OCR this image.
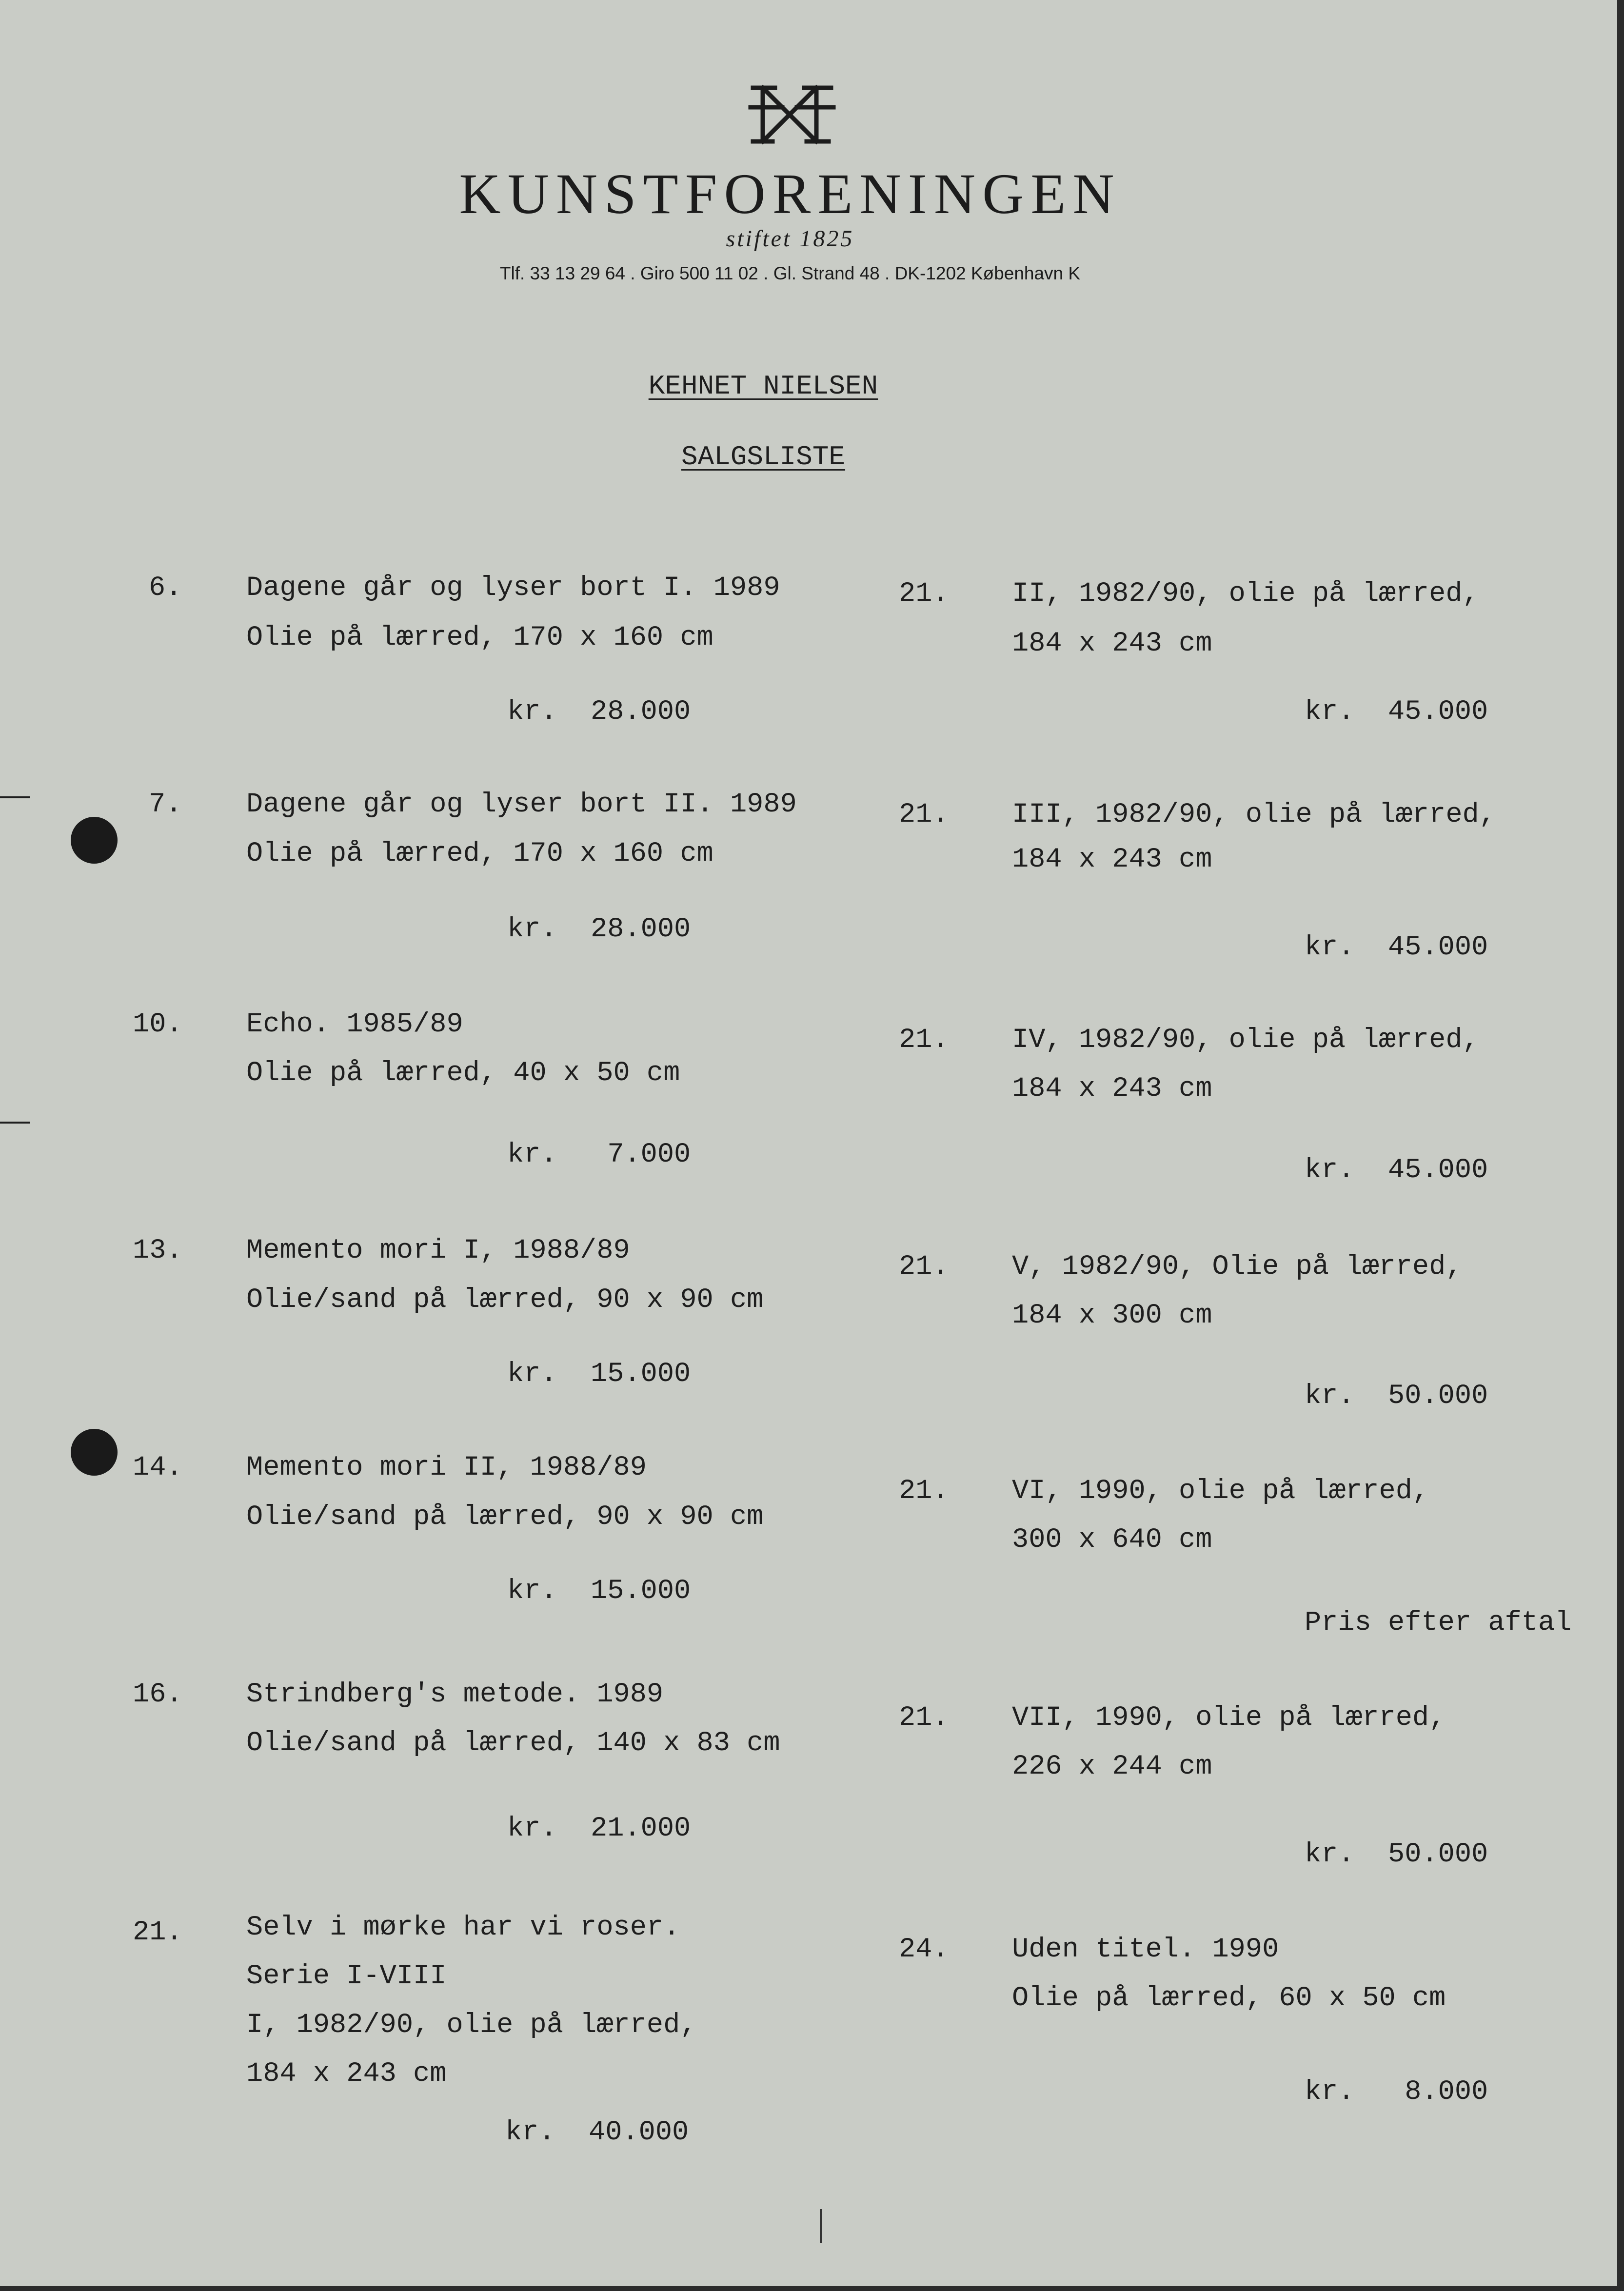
KUNSTFORENINGEN
stiftet 1825
Tlf. 33 13 29 64 . Giro 500 11 02 . Gl. Strand 48 . DK-1202 København K
KEHNET NIELSEN
SALGSLISTE
6.	Dagene går og lyser bort I. 1989
Olie på lærred, 170 x 160 cm
kr.  28.000
7.	Dagene går og lyser bort II. 1989
Olie på lærred, 170 x 160 cm
kr.  28.000
10.	Echo. 1985/89
Olie på lærred, 40 x 50 cm
kr.   7.000
13.	Memento mori I, 1988/89
Olie/sand på lærred, 90 x 90 cm
kr.  15.000
14.	Memento mori II, 1988/89
Olie/sand på lærred, 90 x 90 cm
kr.  15.000
16.	Strindberg's metode. 1989
Olie/sand på lærred, 140 x 83 cm
kr.  21.000
21.	Selv i mørke har vi roser.
Serie I-VIII
I, 1982/90, olie på lærred,
184 x 243 cm
kr.  40.000
21.	II, 1982/90, olie på lærred,
184 x 243 cm
kr.  45.000
21.	III, 1982/90, olie på lærred,
184 x 243 cm
kr.  45.000
21.	IV, 1982/90, olie på lærred,
184 x 243 cm
kr.  45.000
21.	V, 1982/90, Olie på lærred,
184 x 300 cm
kr.  50.000
21.	VI, 1990, olie på lærred,
300 x 640 cm
Pris efter aftal
21.	VII, 1990, olie på lærred,
226 x 244 cm
kr.  50.000
24.	Uden titel. 1990
Olie på lærred, 60 x 50 cm
kr.   8.000
